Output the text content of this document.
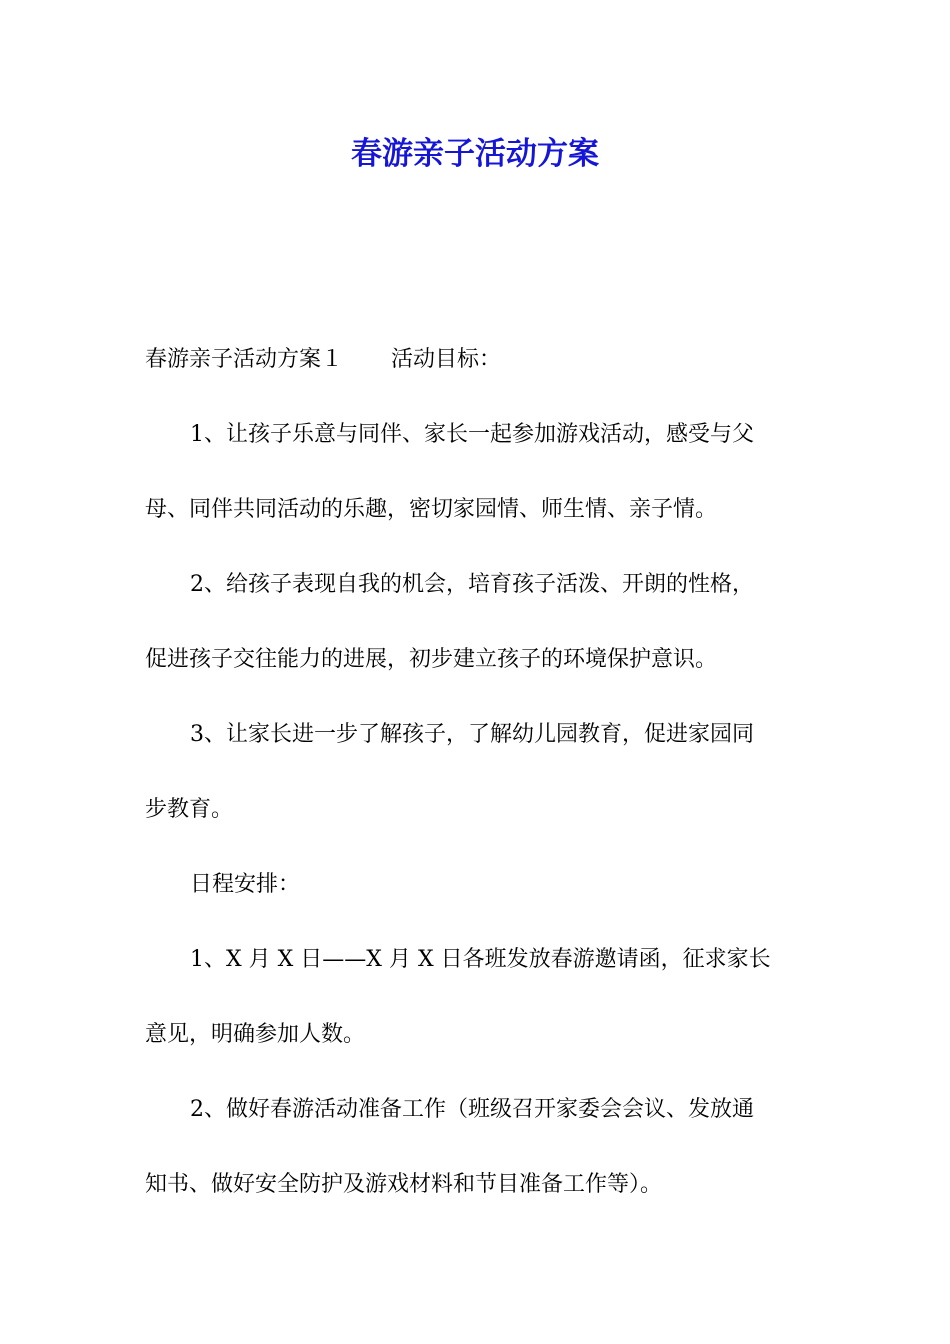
春游亲子活动方案

春游亲子活动方案１ 活动目标：

1、让孩子乐意与同伴、家长一起参加游戏活动，感受与父

母、同伴共同活动的乐趣，密切家园情、师生情、亲子情。

2、给孩子表现自我的机会，培育孩子活泼、开朗的性格，

促进孩子交往能力的进展，初步建立孩子的环境保护意识。

3、让家长进一步了解孩子，了解幼儿园教育，促进家园同

步教育。

日程安排：

1、X 月 X 日——X 月 X 日各班发放春游邀请函，征求家长

意见，明确参加人数。

2、做好春游活动准备工作（班级召开家委会会议、发放通

知书、做好安全防护及游戏材料和节目准备工作等）。
